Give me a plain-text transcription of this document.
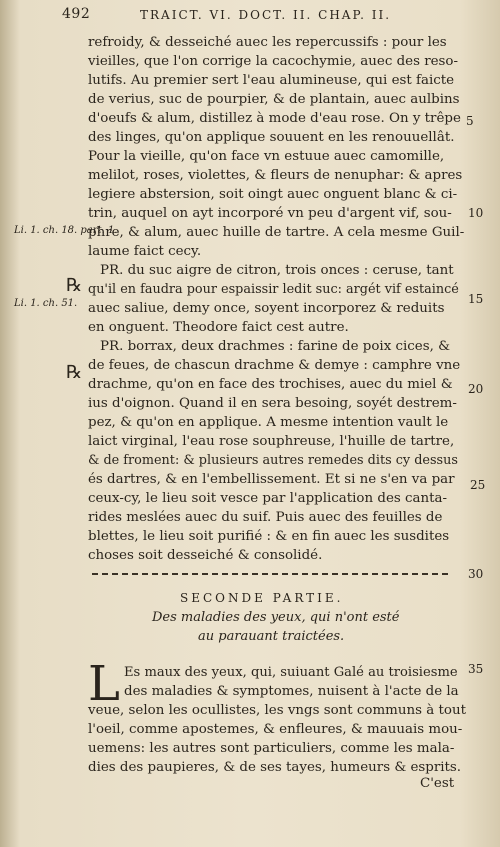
492	TRAICT. VI. DOCT. II. CHAP. II.
refroidy, & desseiché auec les repercussifs : pour les
vieilles, que l'on corrige la cacochymie, auec des reso-
lutifs. Au premier sert l'eau alumineuse, qui est faicte
de verius, suc de pourpier, & de plantain, auec aulbins
d'oeufs & alum, distillez à mode d'eau rose. On y trêpe
des linges, qu'on applique souuent en les renouuellât.
Pour la vieille, qu'on face vn estuue auec camomille,
melilot, roses, violettes, & fleurs de nenuphar: & apres
legiere abstersion, soit oingt auec onguent blanc & ci-
trin, auquel on ayt incorporé vn peu d'argent vif, sou-
phre, & alum, auec huille de tartre. A cela mesme Guil-
laume faict cecy.
PR. du suc aigre de citron, trois onces : ceruse, tant
qu'il en faudra pour espaissir ledit suc: argét vif estaincé
auec saliue, demy once, soyent incorporez & reduits
en onguent. Theodore faict cest autre.
PR. borrax, deux drachmes : farine de poix cices, &
de feues, de chascun drachme & demye : camphre vne
drachme, qu'on en face des trochises, auec du miel &
ius d'oignon. Quand il en sera besoing, soyét destrem-
pez, & qu'on en applique. A mesme intention vault le
laict virginal, l'eau rose souphreuse, l'huille de tartre,
& de froment: & plusieurs autres remedes dits cy dessus
és dartres, & en l'embellissement. Et si ne s'en va par
ceux-cy, le lieu soit vesce par l'application des canta-
rides meslées auec du suif. Puis auec des feuilles de
blettes, le lieu soit purifié : & en fin auec les susdites
choses soit desseiché & consolidé.
Li. 1. ch. 18. part. 1.
Li. 1. ch. 51.
℞
℞
5
10
15
20
25
30
35
SECONDE PARTIE.
Des maladies des yeux, qui n'ont esté
au parauant traictées.
L Es maux des yeux, qui, suiuant Galé au troisiesme
des maladies & symptomes, nuisent à l'acte de la
veue, selon les ocullistes, les vngs sont communs à tout
l'oeil, comme apostemes, & enfleures, & mauuais mou-
uemens: les autres sont particuliers, comme les mala-
dies des paupieres, & de ses tayes, humeurs & esprits.
C'est
